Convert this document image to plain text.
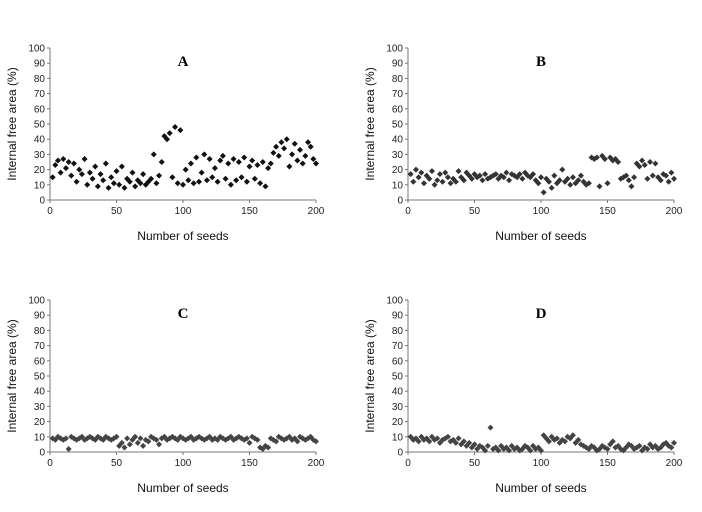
0
10
20
30
40
50
60
70
80
90
100
0	50	100	150	200
A
Number of seeds
Internal free area (%)
0
10
20
30
40
50
60
70
80
90
100
0	50	100	150	200
B
Number of seeds
Internal free area (%)
0
10
20
30
40
50
60
70
80
90
100
0	50	100	150	200
C
Number of seeds
Internal free area (%)
0
10
20
30
40
50
60
70
80
90
100
0	50	100	150	200
D
Number of seeds
Internal free area (%)
